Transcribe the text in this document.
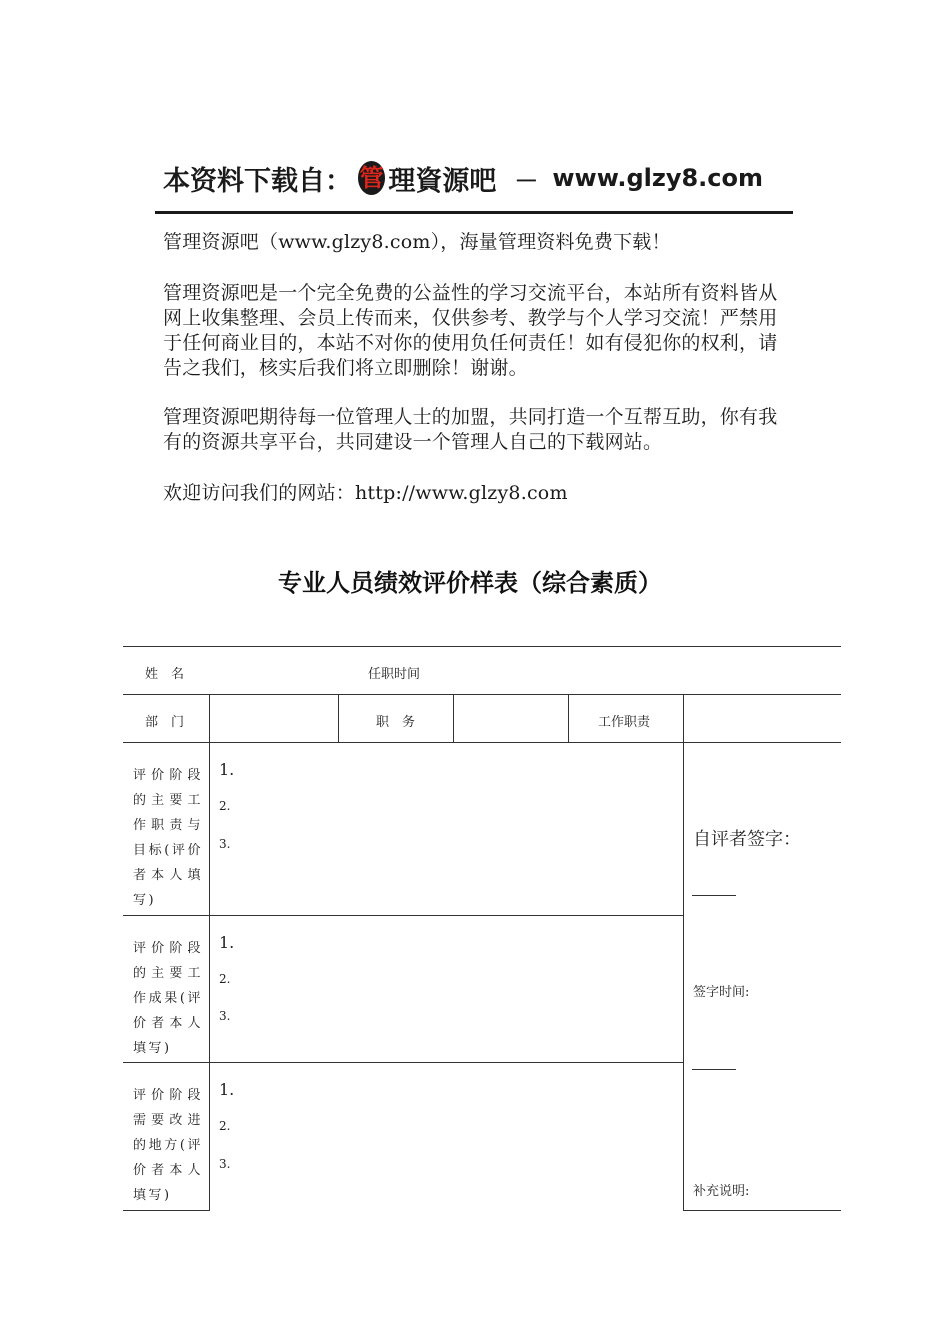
本资料下载自： 管 理資源吧 － www.glzy8.com

管理资源吧（www.glzy8.com），海量管理资料免费下载！

管理资源吧是一个完全免费的公益性的学习交流平台，本站所有资料皆从网上收集整理、会员上传而来，仅供参考、教学与个人学习交流！严禁用于任何商业目的，本站不对你的使用负任何责任！如有侵犯你的权利，请告之我们，核实后我们将立即删除！谢谢。

管理资源吧期待每一位管理人士的加盟，共同打造一个互帮互助，你有我有的资源共享平台，共同建设一个管理人自己的下载网站。

欢迎访问我们的网站：http://www.glzy8.com

专业人员绩效评价样表（综合素质）
姓　名	任职时间
部　门	职　务	工作职责
评价阶段的主要工作职责与目标(评价者本人填写)
1.
2.
3.
评价阶段的主要工作成果(评价者本人填写)
1.
2.
3.
评价阶段需要改进的地方(评价者本人填写)
1.
2.
3.
自评者签字：
签字时间:
补充说明:
